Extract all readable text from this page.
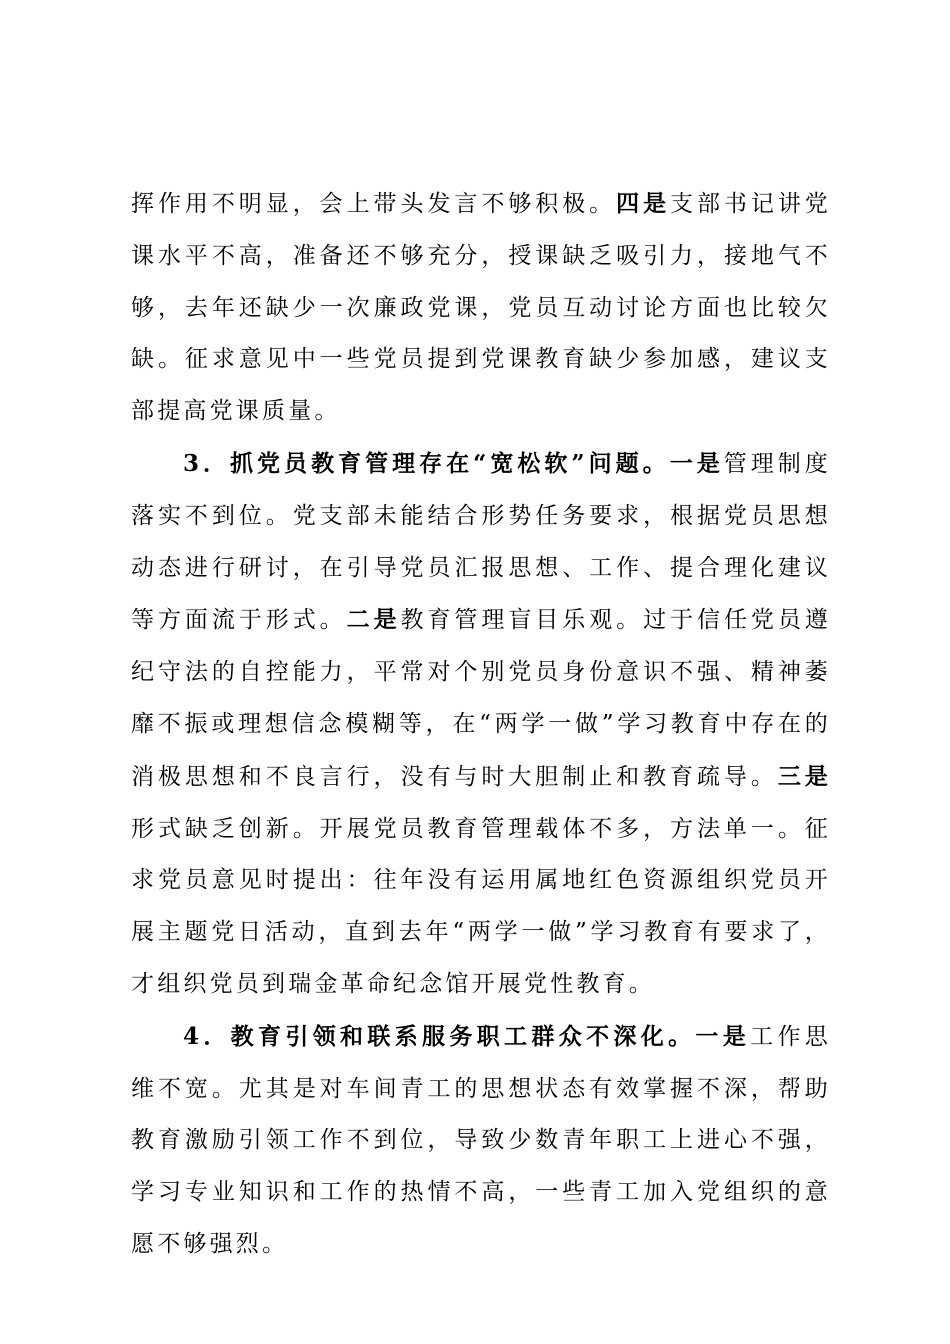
挥作用不明显，会上带头发言不够积极。四是支部书记讲党课水平不高，准备还不够充分，授课缺乏吸引力，接地气不够，去年还缺少一次廉政党课，党员互动讨论方面也比较欠缺。征求意见中一些党员提到党课教育缺少参加感，建议支部提高党课质量。

3．抓党员教育管理存在“宽松软”问题。一是管理制度落实不到位。党支部未能结合形势任务要求，根据党员思想动态进行研讨，在引导党员汇报思想、工作、提合理化建议等方面流于形式。二是教育管理盲目乐观。过于信任党员遵纪守法的自控能力，平常对个别党员身份意识不强、精神萎靡不振或理想信念模糊等，在“两学一做”学习教育中存在的消极思想和不良言行，没有与时大胆制止和教育疏导。三是形式缺乏创新。开展党员教育管理载体不多，方法单一。征求党员意见时提出：往年没有运用属地红色资源组织党员开展主题党日活动，直到去年“两学一做”学习教育有要求了，才组织党员到瑞金革命纪念馆开展党性教育。

4．教育引领和联系服务职工群众不深化。一是工作思维不宽。尤其是对车间青工的思想状态有效掌握不深，帮助教育激励引领工作不到位，导致少数青年职工上进心不强，学习专业知识和工作的热情不高，一些青工加入党组织的意愿不够强烈。
